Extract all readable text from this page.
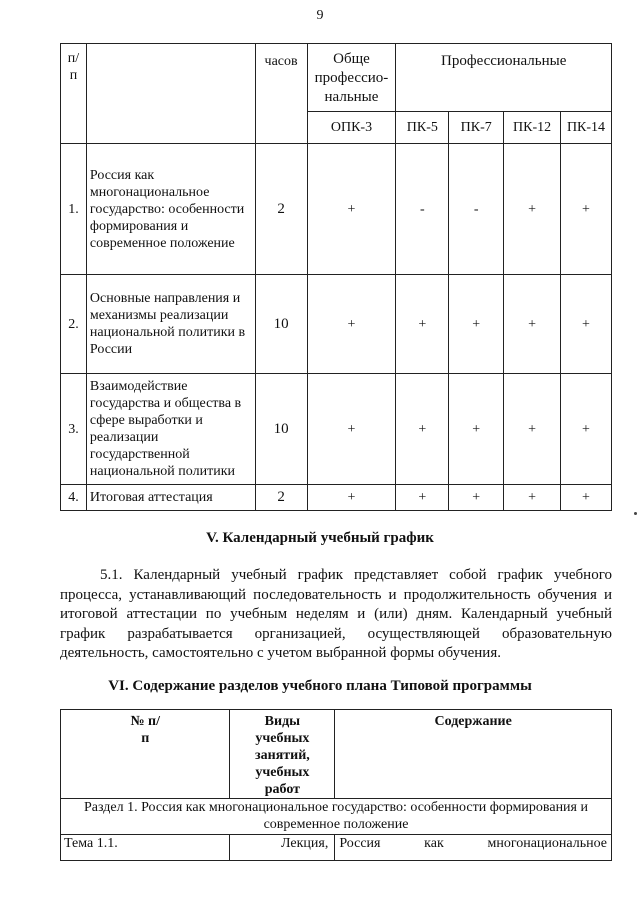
9
V. Календарный учебный график
5.1. Календарный учебный график представляет собой график учебного процесса, устанавливающий последовательность и продолжительность обучения и итоговой аттестации по учебным неделям и (или) дням. Календарный учебный график разрабатывается организацией, осуществляющей образовательную деятельность, самостоятельно с учетом выбранной формы обучения.
VI. Содержание разделов учебного плана Типовой программы
№ п/п	Виды учебных занятий, учебных работ	Содержание
Раздел 1. Россия как многонациональное государство: особенности формирования и современное положение		
Тема 1.1.	Лекция,	Россия как многонациональное
п/п		часов	Обще профессио-нальные	Профессиональные			
			ОПК-3	ПК-5	ПК-7	ПК-12	ПК-14
1.	Россия как многонациональное государство: особенности формирования и современное положение	2	+	-	-	+	+
2.	Основные направления и механизмы реализации национальной политики в России	10	+	+	+	+	+
3.	Взаимодействие государства и общества в сфере выработки и реализации государственной национальной политики	10	+	+	+	+	+
4.	Итоговая аттестация	2	+	+	+	+	+
